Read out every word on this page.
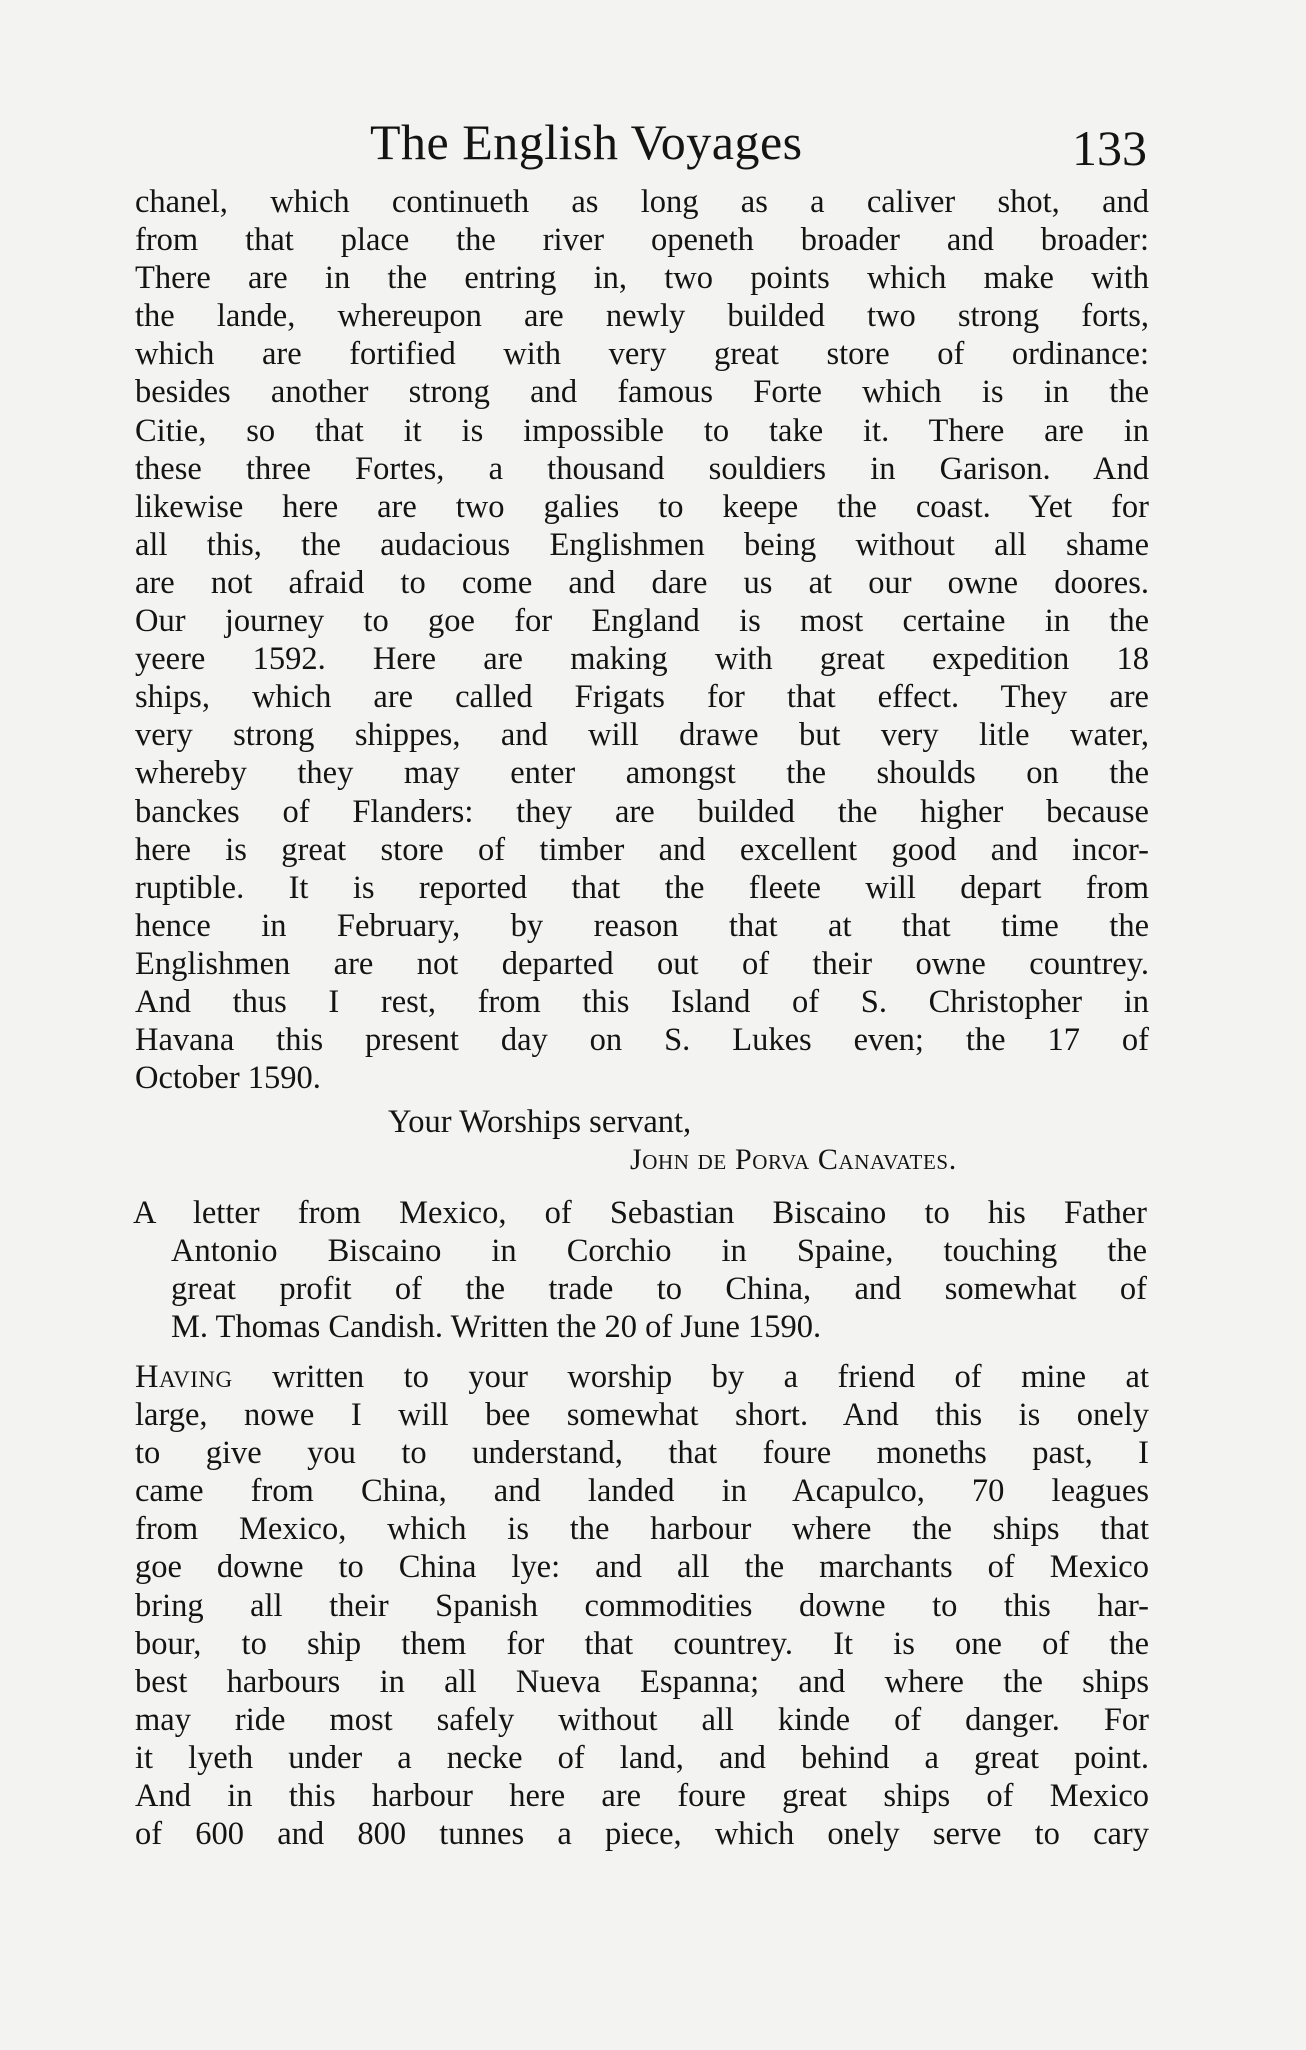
The English Voyages	133
chanel, which continueth as long as a caliver shot, and
from that place the river openeth broader and broader:
There are in the entring in, two points which make with
the lande, whereupon are newly builded two strong forts,
which are fortified with very great store of ordinance:
besides another strong and famous Forte which is in the
Citie, so that it is impossible to take it. There are in
these three Fortes, a thousand souldiers in Garison. And
likewise here are two galies to keepe the coast. Yet for
all this, the audacious Englishmen being without all shame
are not afraid to come and dare us at our owne doores.
Our journey to goe for England is most certaine in the
yeere 1592. Here are making with great expedition 18
ships, which are called Frigats for that effect. They are
very strong shippes, and will drawe but very litle water,
whereby they may enter amongst the shoulds on the
banckes of Flanders: they are builded the higher because
here is great store of timber and excellent good and incor-
ruptible. It is reported that the fleete will depart from
hence in February, by reason that at that time the
Englishmen are not departed out of their owne countrey.
And thus I rest, from this Island of S. Christopher in
Havana this present day on S. Lukes even; the 17 of
October 1590.
Your Worships servant,
John de Porva Canavates.
A letter from Mexico, of Sebastian Biscaino to his Father
Antonio Biscaino in Corchio in Spaine, touching the
great profit of the trade to China, and somewhat of
M. Thomas Candish. Written the 20 of June 1590.
Having written to your worship by a friend of mine at
large, nowe I will bee somewhat short. And this is onely
to give you to understand, that foure moneths past, I
came from China, and landed in Acapulco, 70 leagues
from Mexico, which is the harbour where the ships that
goe downe to China lye: and all the marchants of Mexico
bring all their Spanish commodities downe to this har-
bour, to ship them for that countrey. It is one of the
best harbours in all Nueva Espanna; and where the ships
may ride most safely without all kinde of danger. For
it lyeth under a necke of land, and behind a great point.
And in this harbour here are foure great ships of Mexico
of 600 and 800 tunnes a piece, which onely serve to cary
